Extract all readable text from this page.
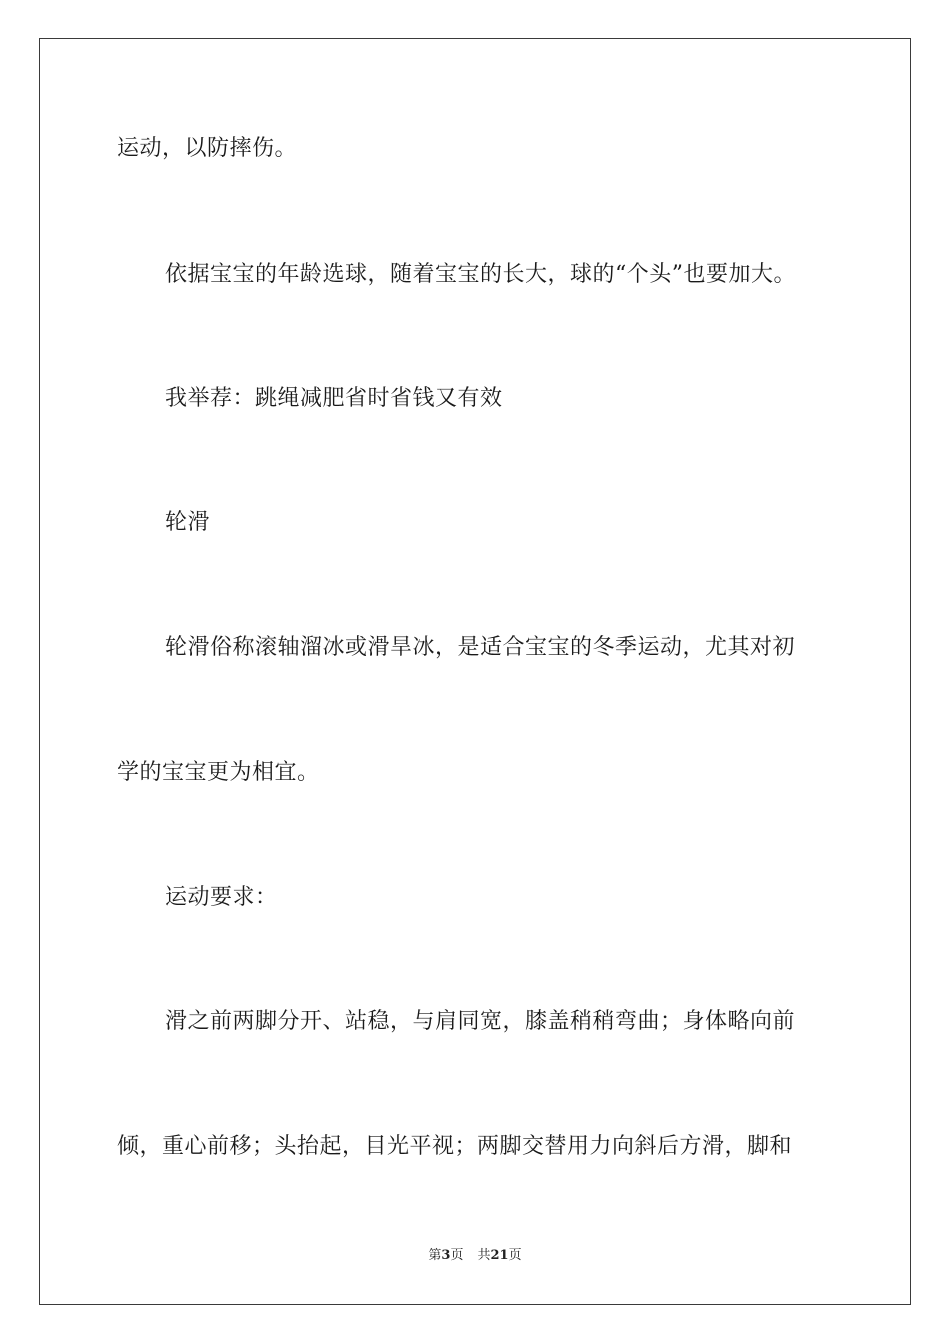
运动，以防摔伤。
依据宝宝的年龄选球，随着宝宝的长大，球的“个头”也要加大。
我举荐：跳绳减肥省时省钱又有效
轮滑
轮滑俗称滚轴溜冰或滑旱冰，是适合宝宝的冬季运动，尤其对初
学的宝宝更为相宜。
运动要求：
滑之前两脚分开、站稳，与肩同宽，膝盖稍稍弯曲；身体略向前
倾，重心前移；头抬起，目光平视；两脚交替用力向斜后方滑，脚和
第3页 共21页
